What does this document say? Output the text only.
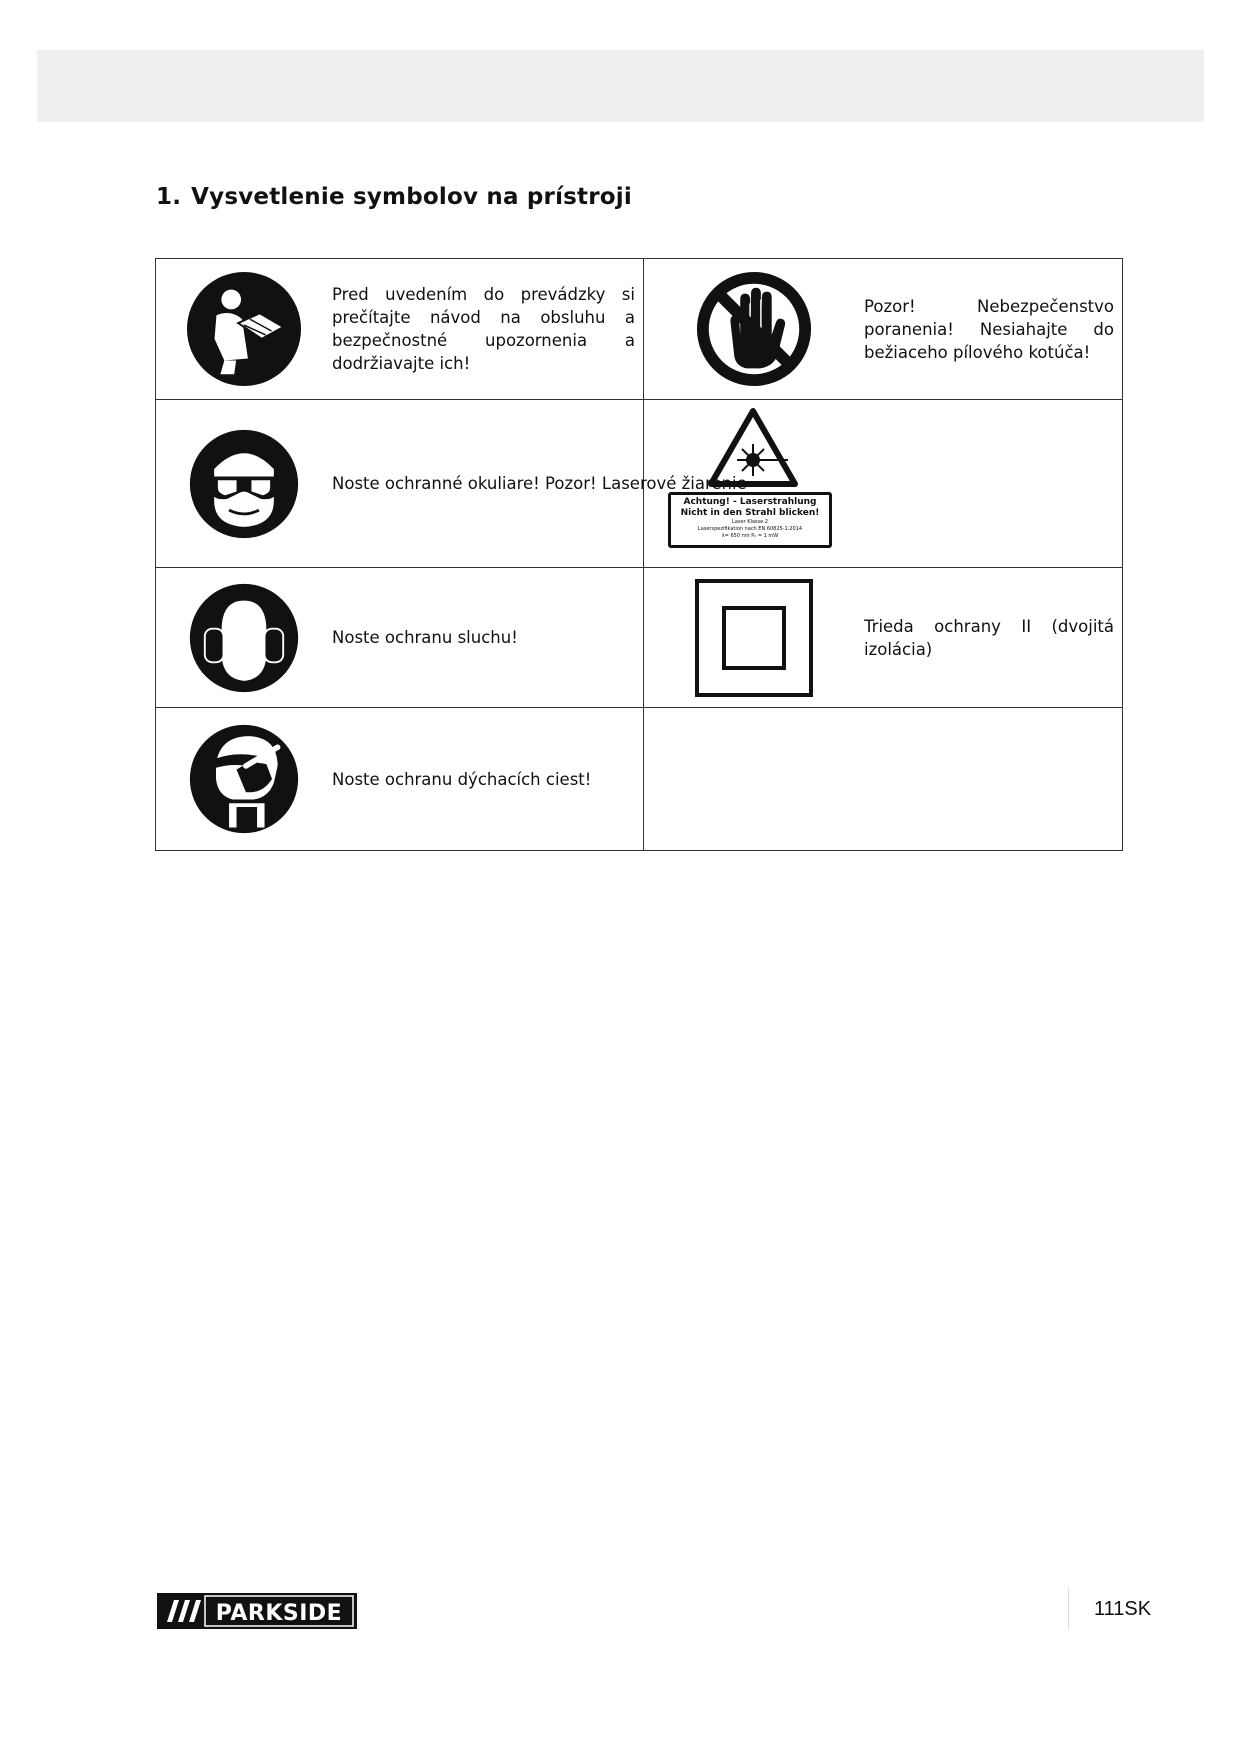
1. Vysvetlenie symbolov na prístroji
Pred uvedením do prevádzky si prečítajte návod na obsluhu a bezpečnostné upozornenia a dodržiavajte ich!	Pozor! Nebezpečenstvo poranenia! Nesiahajte do bežiaceho pílového kotúča!

Noste ochranné okuliare! Pozor! Laserové žiarenie	Achtung! - Laserstrahlung
Nicht in den Strahl blicken!
Laser Klasse 2
Laserspezifikation nach EN 60825-1:2014
λ= 650 nm P₀ = 1 mW

Noste ochranu sluchu!	Trieda ochrany II (dvojitá izolácia)

Noste ochranu dýchacích ciest!	

PARKSIDE	111SK
